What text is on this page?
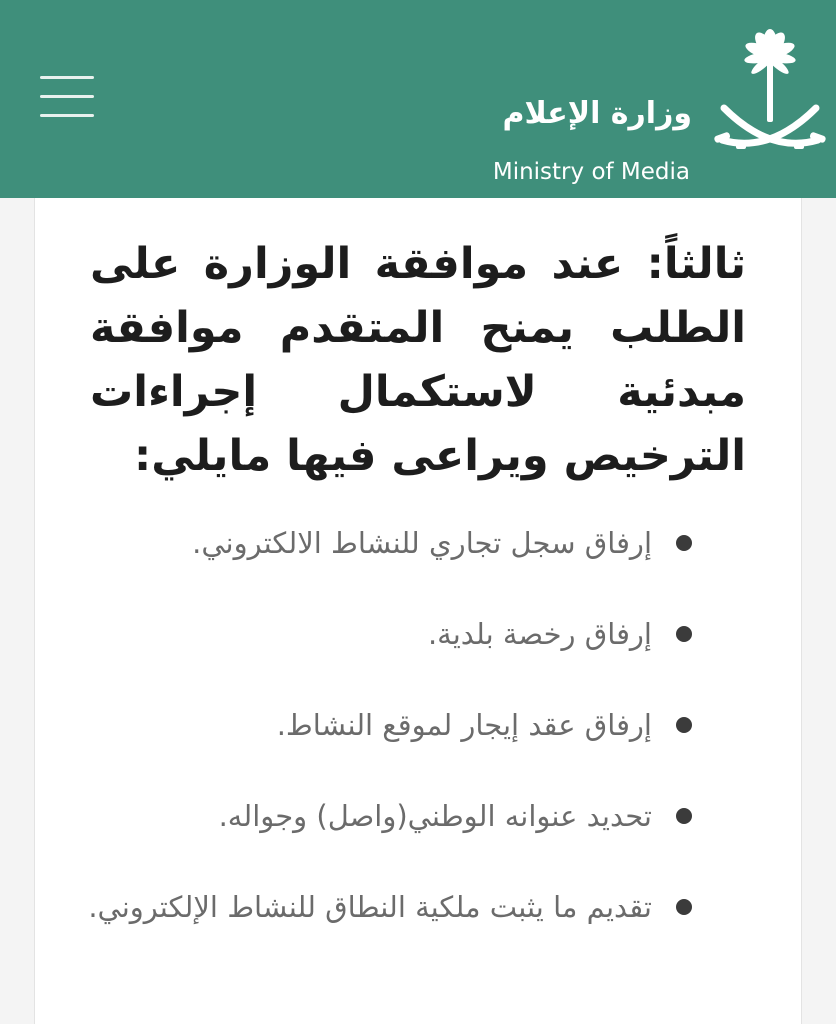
وزارة الإعلام
Ministry of Media
ثالثاً: عند موافقة الوزارة على الطلب يمنح المتقدم موافقة مبدئية لاستكمال إجراءات الترخيص ويراعى فيها مايلي:
إرفاق سجل تجاري للنشاط الالكتروني.
إرفاق رخصة بلدية.
إرفاق عقد إيجار لموقع النشاط.
تحديد عنوانه الوطني(واصل) وجواله.
تقديم ما يثبت ملكية النطاق للنشاط الإلكتروني.
